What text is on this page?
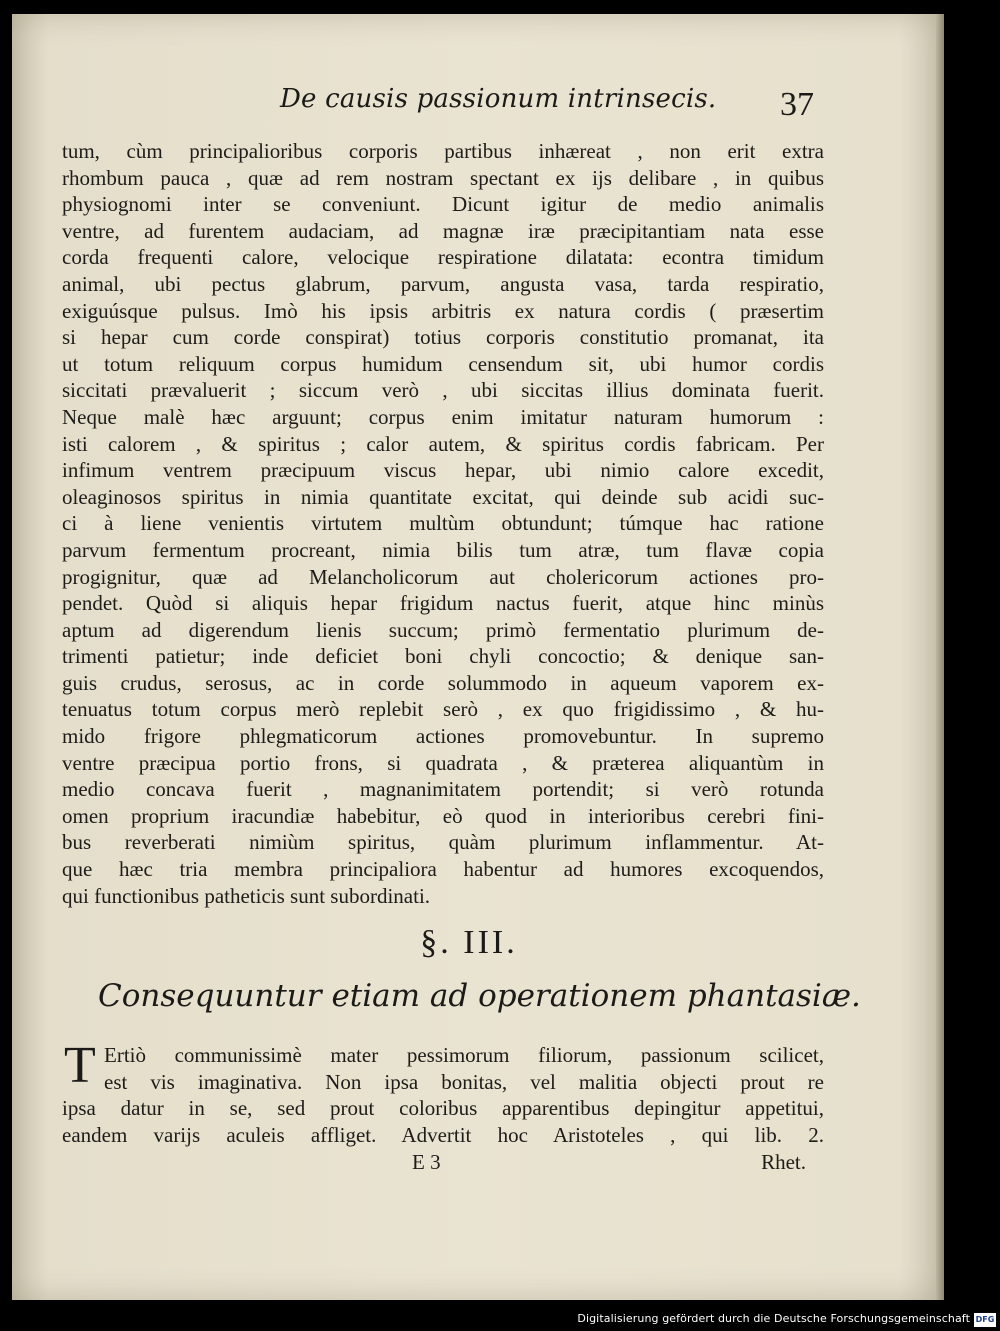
De causis passionum intrinsecis. 37
tum, cùm principalioribus corporis partibus inhæreat , non erit extra
rhombum pauca , quæ ad rem nostram spectant ex ijs delibare , in quibus
physiognomi inter se conveniunt. Dicunt igitur de medio animalis
ventre, ad furentem audaciam, ad magnæ iræ præcipitantiam nata esse
corda frequenti calore, velocique respiratione dilatata: econtra timidum
animal, ubi pectus glabrum, parvum, angusta vasa, tarda respiratio,
exiguúsque pulsus. Imò his ipsis arbitris ex natura cordis ( præsertim
si hepar cum corde conspirat) totius corporis constitutio promanat, ita
ut totum reliquum corpus humidum censendum sit, ubi humor cordis
siccitati prævaluerit ; siccum verò , ubi siccitas illius dominata fuerit.
Neque malè hæc arguunt; corpus enim imitatur naturam humorum :
isti calorem , & spiritus ; calor autem, & spiritus cordis fabricam. Per
infimum ventrem præcipuum viscus hepar, ubi nimio calore excedit,
oleaginosos spiritus in nimia quantitate excitat, qui deinde sub acidi suc-
ci à liene venientis virtutem multùm obtundunt; túmque hac ratione
parvum fermentum procreant, nimia bilis tum atræ, tum flavæ copia
progignitur, quæ ad Melancholicorum aut cholericorum actiones pro-
pendet. Quòd si aliquis hepar frigidum nactus fuerit, atque hinc minùs
aptum ad digerendum lienis succum; primò fermentatio plurimum de-
trimenti patietur; inde deficiet boni chyli concoctio; & denique san-
guis crudus, serosus, ac in corde solummodo in aqueum vaporem ex-
tenuatus totum corpus merò replebit serò , ex quo frigidissimo , & hu-
mido frigore phlegmaticorum actiones promovebuntur. In supremo
ventre præcipua portio frons, si quadrata , & præterea aliquantùm in
medio concava fuerit , magnanimitatem portendit; si verò rotunda
omen proprium iracundiæ habebitur, eò quod in interioribus cerebri fini-
bus reverberati nimiùm spiritus, quàm plurimum inflammentur. At-
que hæc tria membra principaliora habentur ad humores excoquendos,
qui functionibus patheticis sunt subordinati.
§. III.
Consequuntur etiam ad operationem phantasiæ.
T Ertiò communissimè mater pessimorum filiorum, passionum scilicet,
est vis imaginativa. Non ipsa bonitas, vel malitia objecti prout re
ipsa datur in se, sed prout coloribus apparentibus depingitur appetitui,
eandem varijs aculeis affliget. Advertit hoc Aristoteles , qui lib. 2.
E 3	Rhet.
Digitalisierung gefördert durch die Deutsche Forschungsgemeinschaft DFG
